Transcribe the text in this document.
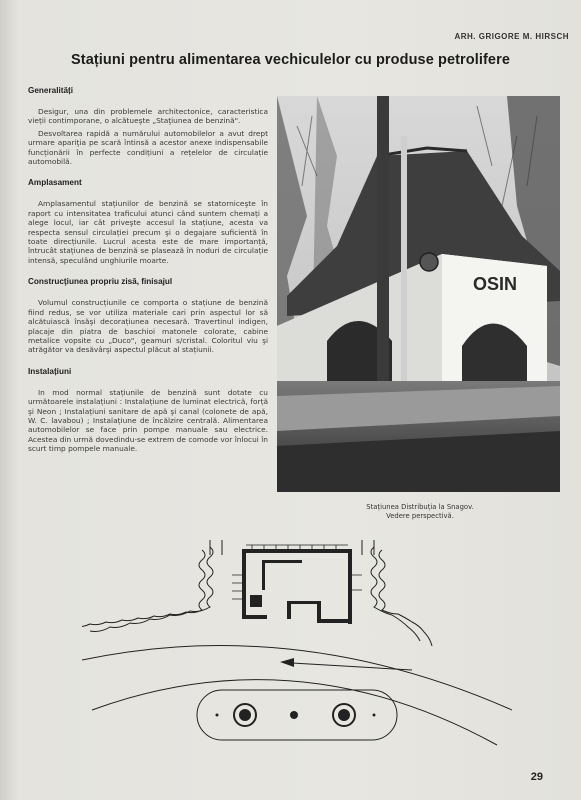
ARH. GRIGORE M. HIRSCH
Stațiuni pentru alimentarea vechiculelor cu produse petrolifere
Generalități

Desigur, una din problemele architectonice, caracteristica vieții contimporane, o alcătueşte „Staţiunea de benzină".

Desvoltarea rapidă a numărului automobilelor a avut drept urmare apariţia pe scară întinsă a acestor anexe indispensabile funcționării în perfecte condițiuni a rețelelor de circulație automobilă.

Amplasament

Amplasamentul stațiunilor de benzină se statorniceşte în raport cu intensitatea traficului atunci când suntem chemați a alege locul, iar cât priveşte accesul la stațiune, acesta va respecta sensul circulației precum şi o degajare suficientă în toate direcțiunile. Lucrul acesta este de mare importanță, întrucât stațiunea de benzină se plasează în noduri de circulație intensă, speculând unghiurile moarte.

Construcţiunea propriu zisă, finisajul

Volumul construcțiunile ce comporta o stațiune de benzină fiind redus, se vor utiliza materiale cari prin aspectul lor să alcătuiască însăşi decorațiunea necesară. Travertinul indigen, placaje din piatra de baschioi matonele colorate, cabine metalice vopsite cu „Duco", geamuri s/cristal. Coloritul viu şi atrăgător va desăvârşi aspectul plăcut al stațiunii.

Instalațiuni

In mod normal stațiunile de benzină sunt dotate cu următoarele instalațiuni : Instalațiune de luminat electrică, forță şi Neon ; Instalațiuni sanitare de apă şi canal (colonete de apă, W. C. lavabou) ; Instalațiune de încălzire centrală. Alimentarea automobilelor se face prin pompe manuale sau electrice. Acestea din urmă dovedindu-se extrem de comode vor înlocui în scurt timp pompele manuale.

OSIN
Stațiunea Distribuția la Snagov.
Vedere perspectivă.
29
